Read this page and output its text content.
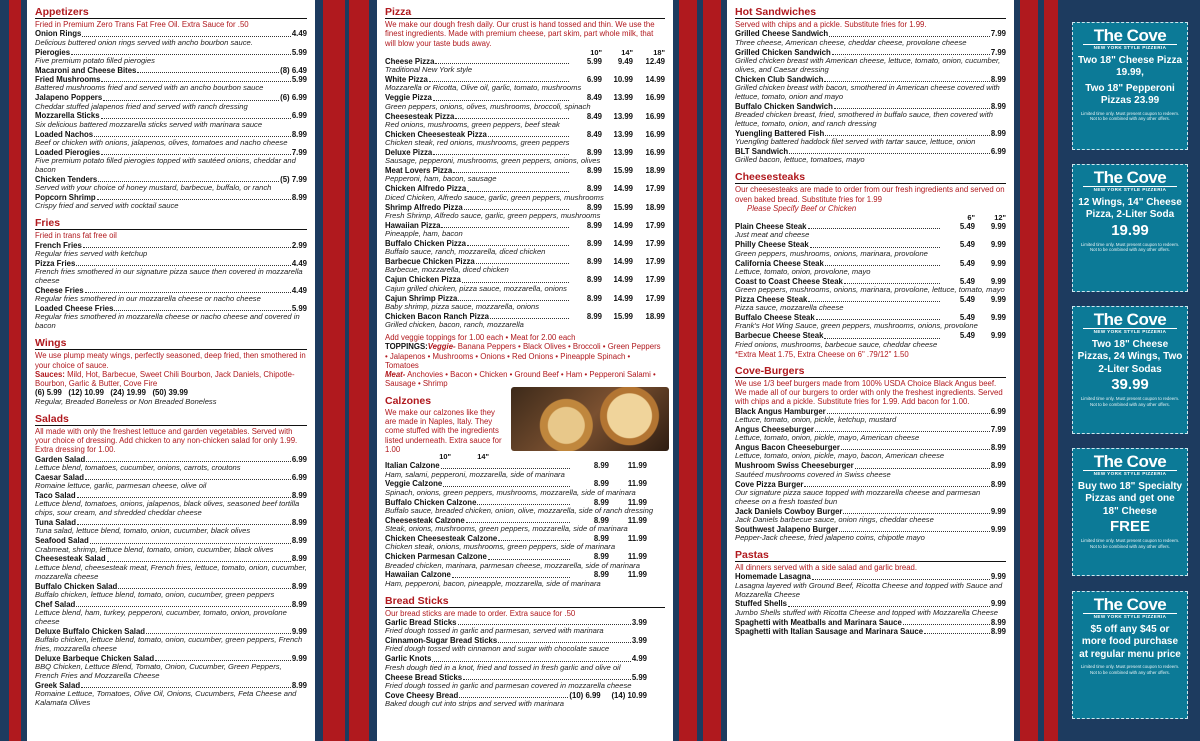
Appetizers
Fried in Premium Zero Trans Fat Free Oil. Extra Sauce for .50
Onion Rings	4.49
Delicious buttered onion rings served with ancho bourbon sauce.
Pierogies	5.99
Five premium potato filled pierogies
Macaroni and Cheese Bites	(8) 6.49
Fried Mushrooms	5.99
Battered mushrooms fried and served with an ancho bourbon sauce
Jalapeno Poppers	(6) 6.99
Cheddar stuffed jalapenos fried and served with ranch dressing
Mozzarella Sticks	6.99
Six delicious battered mozzarella sticks served with marinara sauce
Loaded Nachos	8.99
Beef or chicken with onions, jalapenos, olives, tomatoes and nacho cheese
Loaded Pierogies	7.99
Five premium potato filled pierogies topped with sautéed onions, cheddar and bacon
Chicken Tenders	(5) 7.99
Served with your choice of honey mustard, barbecue, buffalo, or ranch
Popcorn Shrimp	8.99
Crispy fried and served with cocktail sauce
Fries
Fried in trans fat free oil
French Fries	2.99
Regular fries served with ketchup
Pizza Fries	4.49
French fries smothered in our signature pizza sauce then covered in mozzarella cheese
Cheese Fries	4.49
Regular fries smothered in our mozzarella cheese or nacho cheese
Loaded Cheese Fries	5.99
Regular fries smothered in mozzarella cheese or nacho cheese and covered in bacon
Wings
We use plump meaty wings, perfectly seasoned, deep fried, then smothered in your choice of sauce.
Sauces: Mild, Hot, Barbecue, Sweet Chili Bourbon, Jack Daniels, Chipotle-Bourbon, Garlic & Butter, Cove Fire
(6) 5.99   (12) 10.99   (24) 19.99   (50) 39.99
Regular, Breaded Boneless or Non Breaded Boneless
Salads
All made with only the freshest lettuce and garden vegetables. Served with your choice of dressing. Add chicken to any non-chicken salad for only 1.99. Extra dressing for 1.00.
Garden Salad	6.99
Lettuce blend, tomatoes, cucumber, onions, carrots, croutons
Caesar Salad	6.99
Romaine lettuce, garlic, parmesan cheese, olive oil
Taco Salad	8.99
Lettuce blend, tomatoes, onions, jalapenos, black olives, seasoned beef tortilla chips, sour cream, and shredded cheddar cheese
Tuna Salad	8.99
Tuna salad, lettuce blend, tomato, onion, cucumber, black olives
Seafood Salad	8.99
Crabmeat, shrimp, lettuce blend, tomato, onion, cucumber, black olives
Cheesesteak Salad	8.99
Lettuce blend, cheesesteak meat, French fries, lettuce, tomato, onion, cucumber, mozzarella cheese
Buffalo Chicken Salad	8.99
Buffalo chicken, lettuce blend, tomato, onion, cucumber, green peppers
Chef Salad	8.99
Lettuce blend, ham, turkey, pepperoni, cucumber, tomato, onion, provolone cheese
Deluxe Buffalo Chicken Salad	9.99
Buffalo chicken, lettuce blend, tomato, onion, cucumber, green peppers, French fries, mozzarella cheese
Deluxe Barbeque Chicken Salad	9.99
BBQ Chicken, Lettuce Blend, Tomato, Onion, Cucumber, Green Peppers, French Fries and Mozzarella Cheese
Greek Salad	8.99
Romaine Lettuce, Tomatoes, Olive Oil, Onions, Cucumbers, Feta Cheese and Kalamata Olives
Pizza
We make our dough fresh daily. Our crust is hand tossed and thin. We use the finest ingredients. Made with premium cheese, part skim, part whole milk, that will blow your taste buds away.
10"	14"	18"
Cheese Pizza	5.99	9.49	12.49
Traditional New York style
White Pizza	6.99	10.99	14.99
Mozzarella or Ricotta, Olive oil, garlic, tomato, mushrooms
Veggie Pizza	8.49	13.99	16.99
Green peppers, onions, olives, mushrooms, broccoli, spinach
Cheesesteak Pizza	8.49	13.99	16.99
Red onions, mushrooms, green peppers, beef steak
Chicken Cheesesteak Pizza	8.49	13.99	16.99
Chicken steak, red onions, mushrooms, green peppers
Deluxe Pizza	8.99	13.99	16.99
Sausage, pepperoni, mushrooms, green peppers, onions, olives
Meat Lovers Pizza	8.99	15.99	18.99
Pepperoni, ham, bacon, sausage
Chicken Alfredo Pizza	8.99	14.99	17.99
Diced Chicken, Alfredo sauce, garlic, green peppers, mushrooms
Shrimp Alfredo Pizza	8.99	15.99	18.99
Fresh Shrimp, Alfredo sauce, garlic, green peppers, mushrooms
Hawaiian Pizza	8.99	14.99	17.99
Pineapple, ham, bacon
Buffalo Chicken Pizza	8.99	14.99	17.99
Buffalo sauce, ranch, mozzarella, diced chicken
Barbecue Chicken Pizza	8.99	14.99	17.99
Barbecue, mozzarella, diced chicken
Cajun Chicken Pizza	8.99	14.99	17.99
Cajun grilled chicken, pizza sauce, mozzarella, onions
Cajun Shrimp Pizza	8.99	14.99	17.99
Baby shrimp, pizza sauce, mozzarella, onions
Chicken Bacon Ranch Pizza	8.99	15.99	18.99
Grilled chicken, bacon, ranch, mozzarella
Add veggie toppings for 1.00 each • Meat for 2.00 each
TOPPINGS:Veggie- Banana Peppers • Black Olives • Broccoli • Green Peppers • Jalapenos • Mushrooms • Onions • Red Onions • Pineapple Spinach • Tomatoes
Meat- Anchovies • Bacon • Chicken • Ground Beef • Ham • Pepperoni Salami • Sausage • Shrimp
Calzones
We make our calzones like they are made in Naples, Italy. They come stuffed with the ingredients listed underneath. Extra sauce for 1.00
10"	14"
Italian Calzone	8.99	11.99
Ham, salami, pepperoni, mozzarella, side of marinara
Veggie Calzone	8.99	11.99
Spinach, onions, green peppers, mushrooms, mozzarella, side of marinara
Buffalo Chicken Calzone	8.99	11.99
Buffalo sauce, breaded chicken, onion, olive, mozzarella, side of ranch dressing
Cheesesteak Calzone	8.99	11.99
Steak, onions, mushrooms, green peppers, mozzarella, side of marinara
Chicken Cheesesteak Calzone	8.99	11.99
Chicken steak, onions, mushrooms, green peppers, side of marinara
Chicken Parmesan Calzone	8.99	11.99
Breaded chicken, marinara, parmesan cheese, mozzarella, side of marinara
Hawaiian Calzone	8.99	11.99
Ham, pepperoni, bacon, pineapple, mozzarella, side of marinara
Bread Sticks
Our bread sticks are made to order. Extra sauce for .50
Garlic Bread Sticks	3.99
Fried dough tossed in garlic and parmesan, served with marinara
Cinnamon-Sugar Bread Sticks	3.99
Fried dough tossed with cinnamon and sugar with chocolate sauce
Garlic Knots	4.99
Fresh dough tied in a knot, fried and tossed in fresh garlic and olive oil
Cheese Bread Sticks	5.99
Fried dough tossed in garlic and parmesan covered in mozzarella cheese
Cove Cheesy Bread	(10) 6.99     (14) 10.99
Baked dough cut into strips and served with marinara
Hot Sandwiches
Served with chips and a pickle. Substitute fries for 1.99.
Grilled Cheese Sandwich	7.99
Three cheese, American cheese, cheddar cheese, provolone cheese
Grilled Chicken Sandwich	7.99
Grilled chicken breast with American cheese, lettuce, tomato, onion, cucumber, olives, and Caesar dressing
Chicken Club Sandwich	8.99
Grilled chicken breast with bacon, smothered in American cheese covered with lettuce, tomato, onion and mayo
Buffalo Chicken Sandwich	8.99
Breaded chicken breast, fried, smothered in buffalo sauce, then covered with lettuce, tomato, onion, and ranch dressing
Yuengling Battered Fish	8.99
Yuengling battered haddock filet served with tartar sauce, lettuce, onion
BLT Sandwich	6.99
Grilled bacon, lettuce, tomatoes, mayo
Cheesesteaks
Our cheesesteaks are made to order from our fresh ingredients and served on oven baked bread. Substitute fries for 1.99
Please Specify Beef or Chicken
6"	12"
Plain Cheese Steak	5.49	9.99
Just meat and cheese
Philly Cheese Steak	5.49	9.99
Green peppers, mushrooms, onions, marinara, provolone
California Cheese Steak	5.49	9.99
Lettuce, tomato, onion, provolone, mayo
Coast to Coast Cheese Steak	5.49	9.99
Green peppers, mushrooms, onions, marinara, provolone, lettuce, tomato, mayo
Pizza Cheese Steak	5.49	9.99
Pizza sauce, mozzarella cheese
Buffalo Cheese Steak	5.49	9.99
Frank's Hot Wing Sauce, green peppers, mushrooms, onions, provolone
Barbecue Cheese Steak	5.49	9.99
Fried onions, mushrooms, barbecue sauce, cheddar cheese
*Extra Meat 1.75, Extra Cheese on 6" .79/12" 1.50
Cove-Burgers
We use 1/3 beef burgers made from 100% USDA Choice Black Angus beef. We made all of our burgers to order with only the freshest ingredients. Served with chips and a pickle. Substitute fries for 1.99. Add bacon for 1.00.
Black Angus Hamburger	6.99
Lettuce, tomato, onion, pickle, ketchup, mustard
Angus Cheeseburger	7.99
Lettuce, tomato, onion, pickle, mayo, American cheese
Angus Bacon Cheeseburger	8.99
Lettuce, tomato, onion, pickle, mayo, bacon, American cheese
Mushroom Swiss Cheeseburger	8.99
Sautéed mushrooms covered in Swiss cheese
Cove Pizza Burger	8.99
Our signature pizza sauce topped with mozzarella cheese and parmesan cheese on a fresh toasted bun
Jack Daniels Cowboy Burger	9.99
Jack Daniels barbecue sauce, onion rings, cheddar cheese
Southwest Jalapeno Burger	9.99
Pepper-Jack cheese, fried jalapeno coins, chipotle mayo
Pastas
All dinners served with a side salad and garlic bread.
Homemade Lasagna	9.99
Lasagna layered with Ground Beef, Ricotta Cheese and topped with Sauce and Mozzarella Cheese
Stuffed Shells	9.99
Jumbo Shells stuffed with Ricotta Cheese and topped with Mozzarella Cheese
Spaghetti with Meatballs and Marinara Sauce	8.99
Spaghetti with Italian Sausage and Marinara Sauce	8.99
The Cove
NEW YORK STYLE PIZZERIA
Two 18" Cheese Pizza 19.99,
Two 18" Pepperoni Pizzas 23.99
Limited time only. Must present coupon to redeem. Not to be combined with any other offers.
The Cove
NEW YORK STYLE PIZZERIA
12 Wings, 14" Cheese Pizza, 2-Liter Soda
19.99
Limited time only. Must present coupon to redeem. Not to be combined with any other offers.
The Cove
NEW YORK STYLE PIZZERIA
Two 18" Cheese Pizzas, 24 Wings, Two 2-Liter Sodas
39.99
Limited time only. Must present coupon to redeem. Not to be combined with any other offers.
The Cove
NEW YORK STYLE PIZZERIA
Buy two 18" Specialty Pizzas and get one 18" Cheese
FREE
Limited time only. Must present coupon to redeem. Not to be combined with any other offers.
The Cove
NEW YORK STYLE PIZZERIA
$5 off any $45 or more food purchase at regular menu price
Limited time only. Must present coupon to redeem. Not to be combined with any other offers.
